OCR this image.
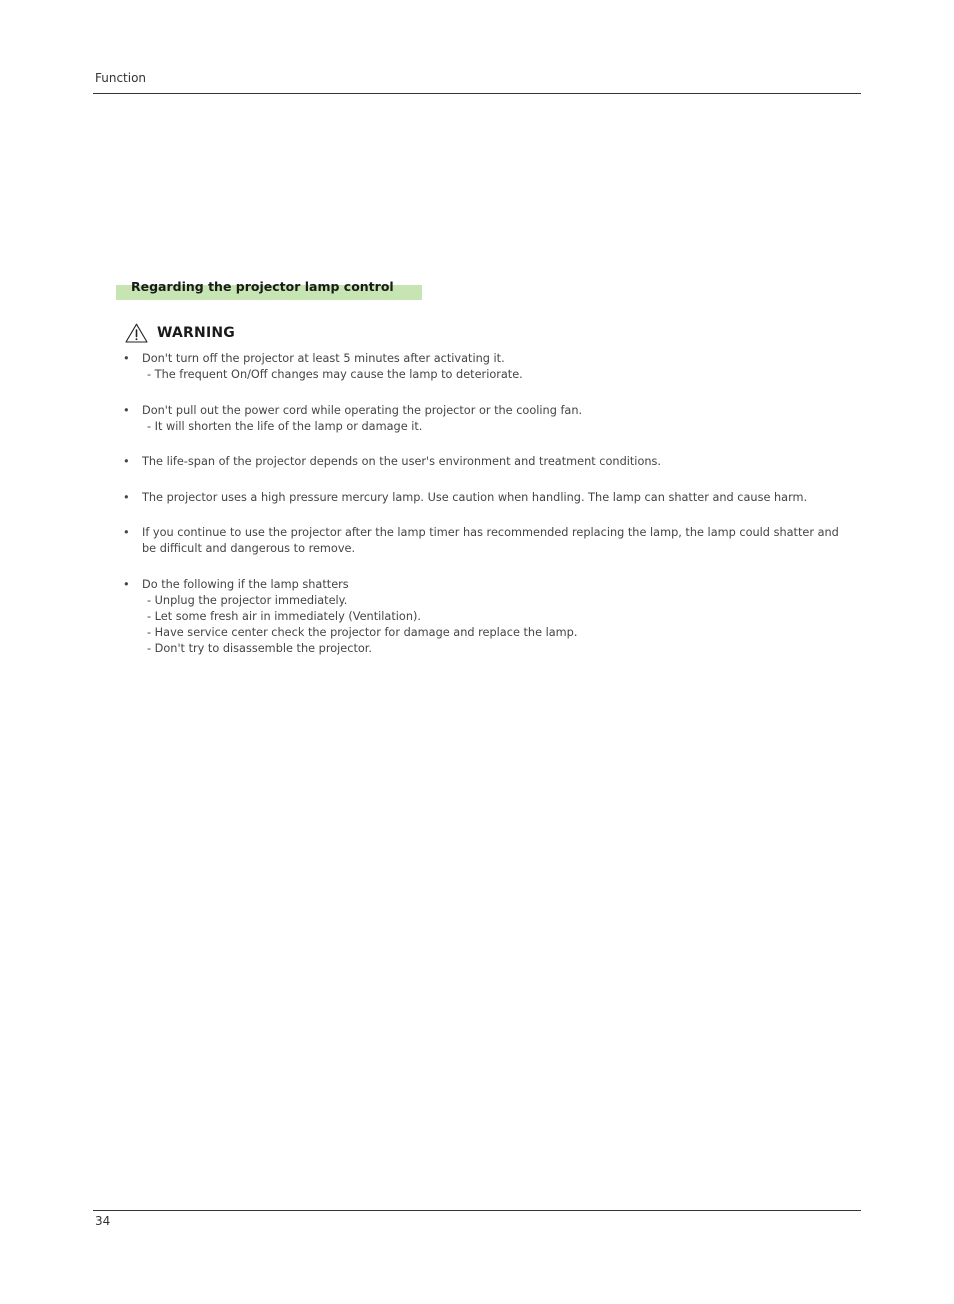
Function
Regarding the projector lamp control
WARNING
• Don't turn off the projector at least 5 minutes after activating it.
- The frequent On/Off changes may cause the lamp to deteriorate.
• Don't pull out the power cord while operating the projector or the cooling fan.
- It will shorten the life of the lamp or damage it.
• The life-span of the projector depends on the user's environment and treatment conditions.
• The projector uses a high pressure mercury lamp. Use caution when handling. The lamp can shatter and cause harm.
• If you continue to use the projector after the lamp timer has recommended replacing the lamp, the lamp could shatter and be difficult and dangerous to remove.
• Do the following if the lamp shatters
- Unplug the projector immediately.
- Let some fresh air in immediately (Ventilation).
- Have service center check the projector for damage and replace the lamp.
- Don't try to disassemble the projector.
34
